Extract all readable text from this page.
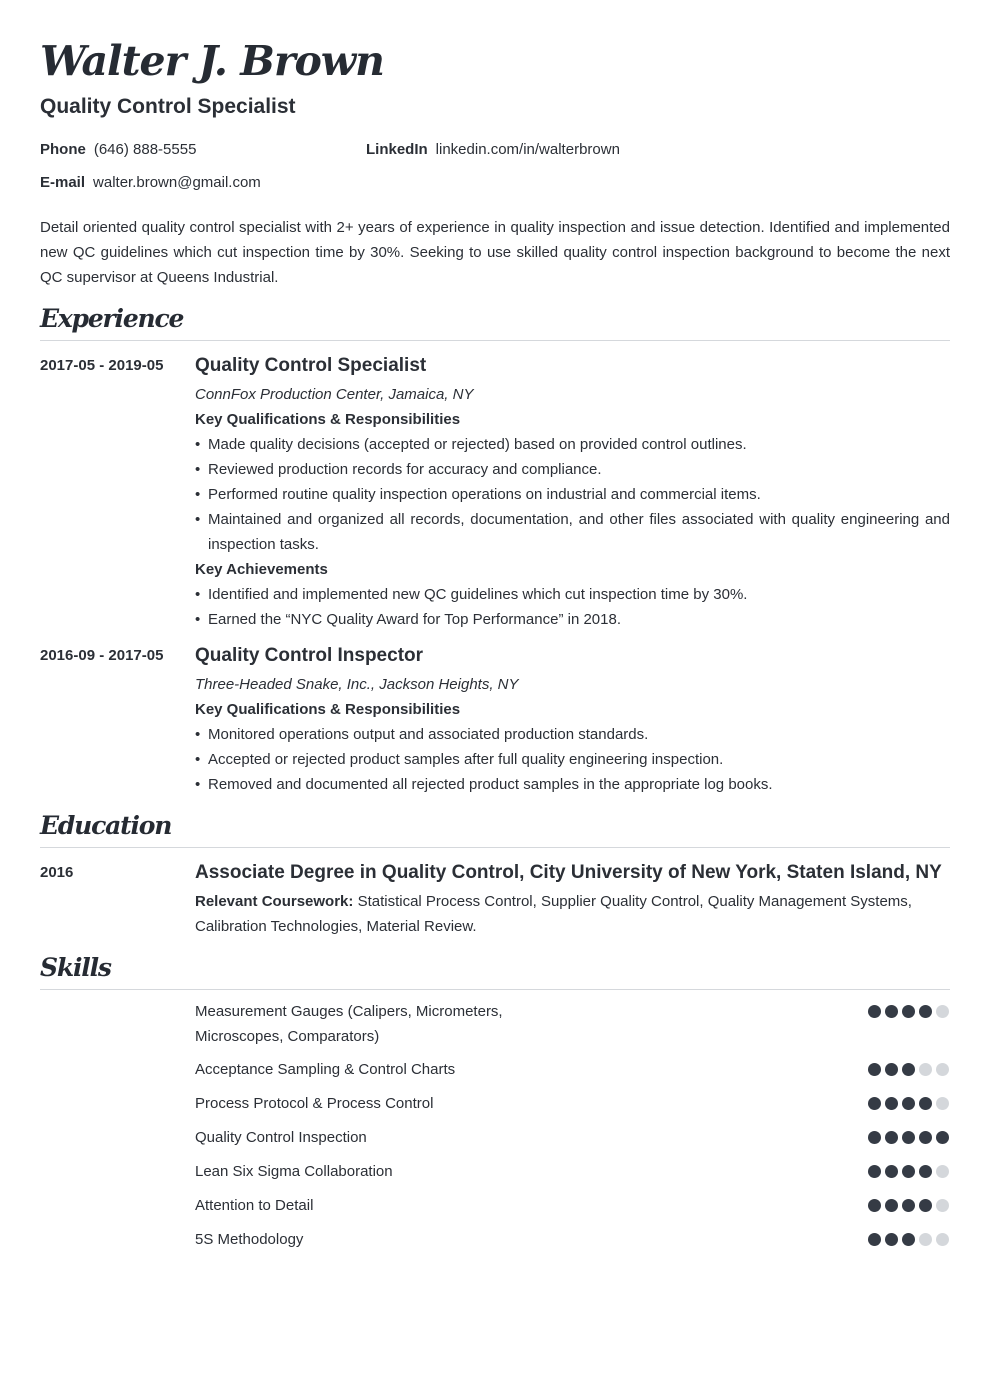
Walter J. Brown
Quality Control Specialist
Phone (646) 888-5555	LinkedIn linkedin.com/in/walterbrown
E-mail walter.brown@gmail.com
Detail oriented quality control specialist with 2+ years of experience in quality inspection and issue detection. Identified and implemented new QC guidelines which cut inspection time by 30%. Seeking to use skilled quality control inspection background to become the next QC supervisor at Queens Industrial.
Experience
2017-05 - 2019-05 Quality Control Specialist
ConnFox Production Center, Jamaica, NY
Key Qualifications & Responsibilities
• Made quality decisions (accepted or rejected) based on provided control outlines.
• Reviewed production records for accuracy and compliance.
• Performed routine quality inspection operations on industrial and commercial items.
• Maintained and organized all records, documentation, and other files associated with quality engineering and inspection tasks.
Key Achievements
• Identified and implemented new QC guidelines which cut inspection time by 30%.
• Earned the “NYC Quality Award for Top Performance” in 2018.
2016-09 - 2017-05 Quality Control Inspector
Three-Headed Snake, Inc., Jackson Heights, NY
Key Qualifications & Responsibilities
• Monitored operations output and associated production standards.
• Accepted or rejected product samples after full quality engineering inspection.
• Removed and documented all rejected product samples in the appropriate log books.
Education
2016	Associate Degree in Quality Control, City University of New York, Staten Island, NY
Relevant Coursework: Statistical Process Control, Supplier Quality Control, Quality Management Systems, Calibration Technologies, Material Review.
Skills
Measurement Gauges (Calipers, Micrometers, Microscopes, Comparators)
Acceptance Sampling & Control Charts
Process Protocol & Process Control
Quality Control Inspection
Lean Six Sigma Collaboration
Attention to Detail
5S Methodology
